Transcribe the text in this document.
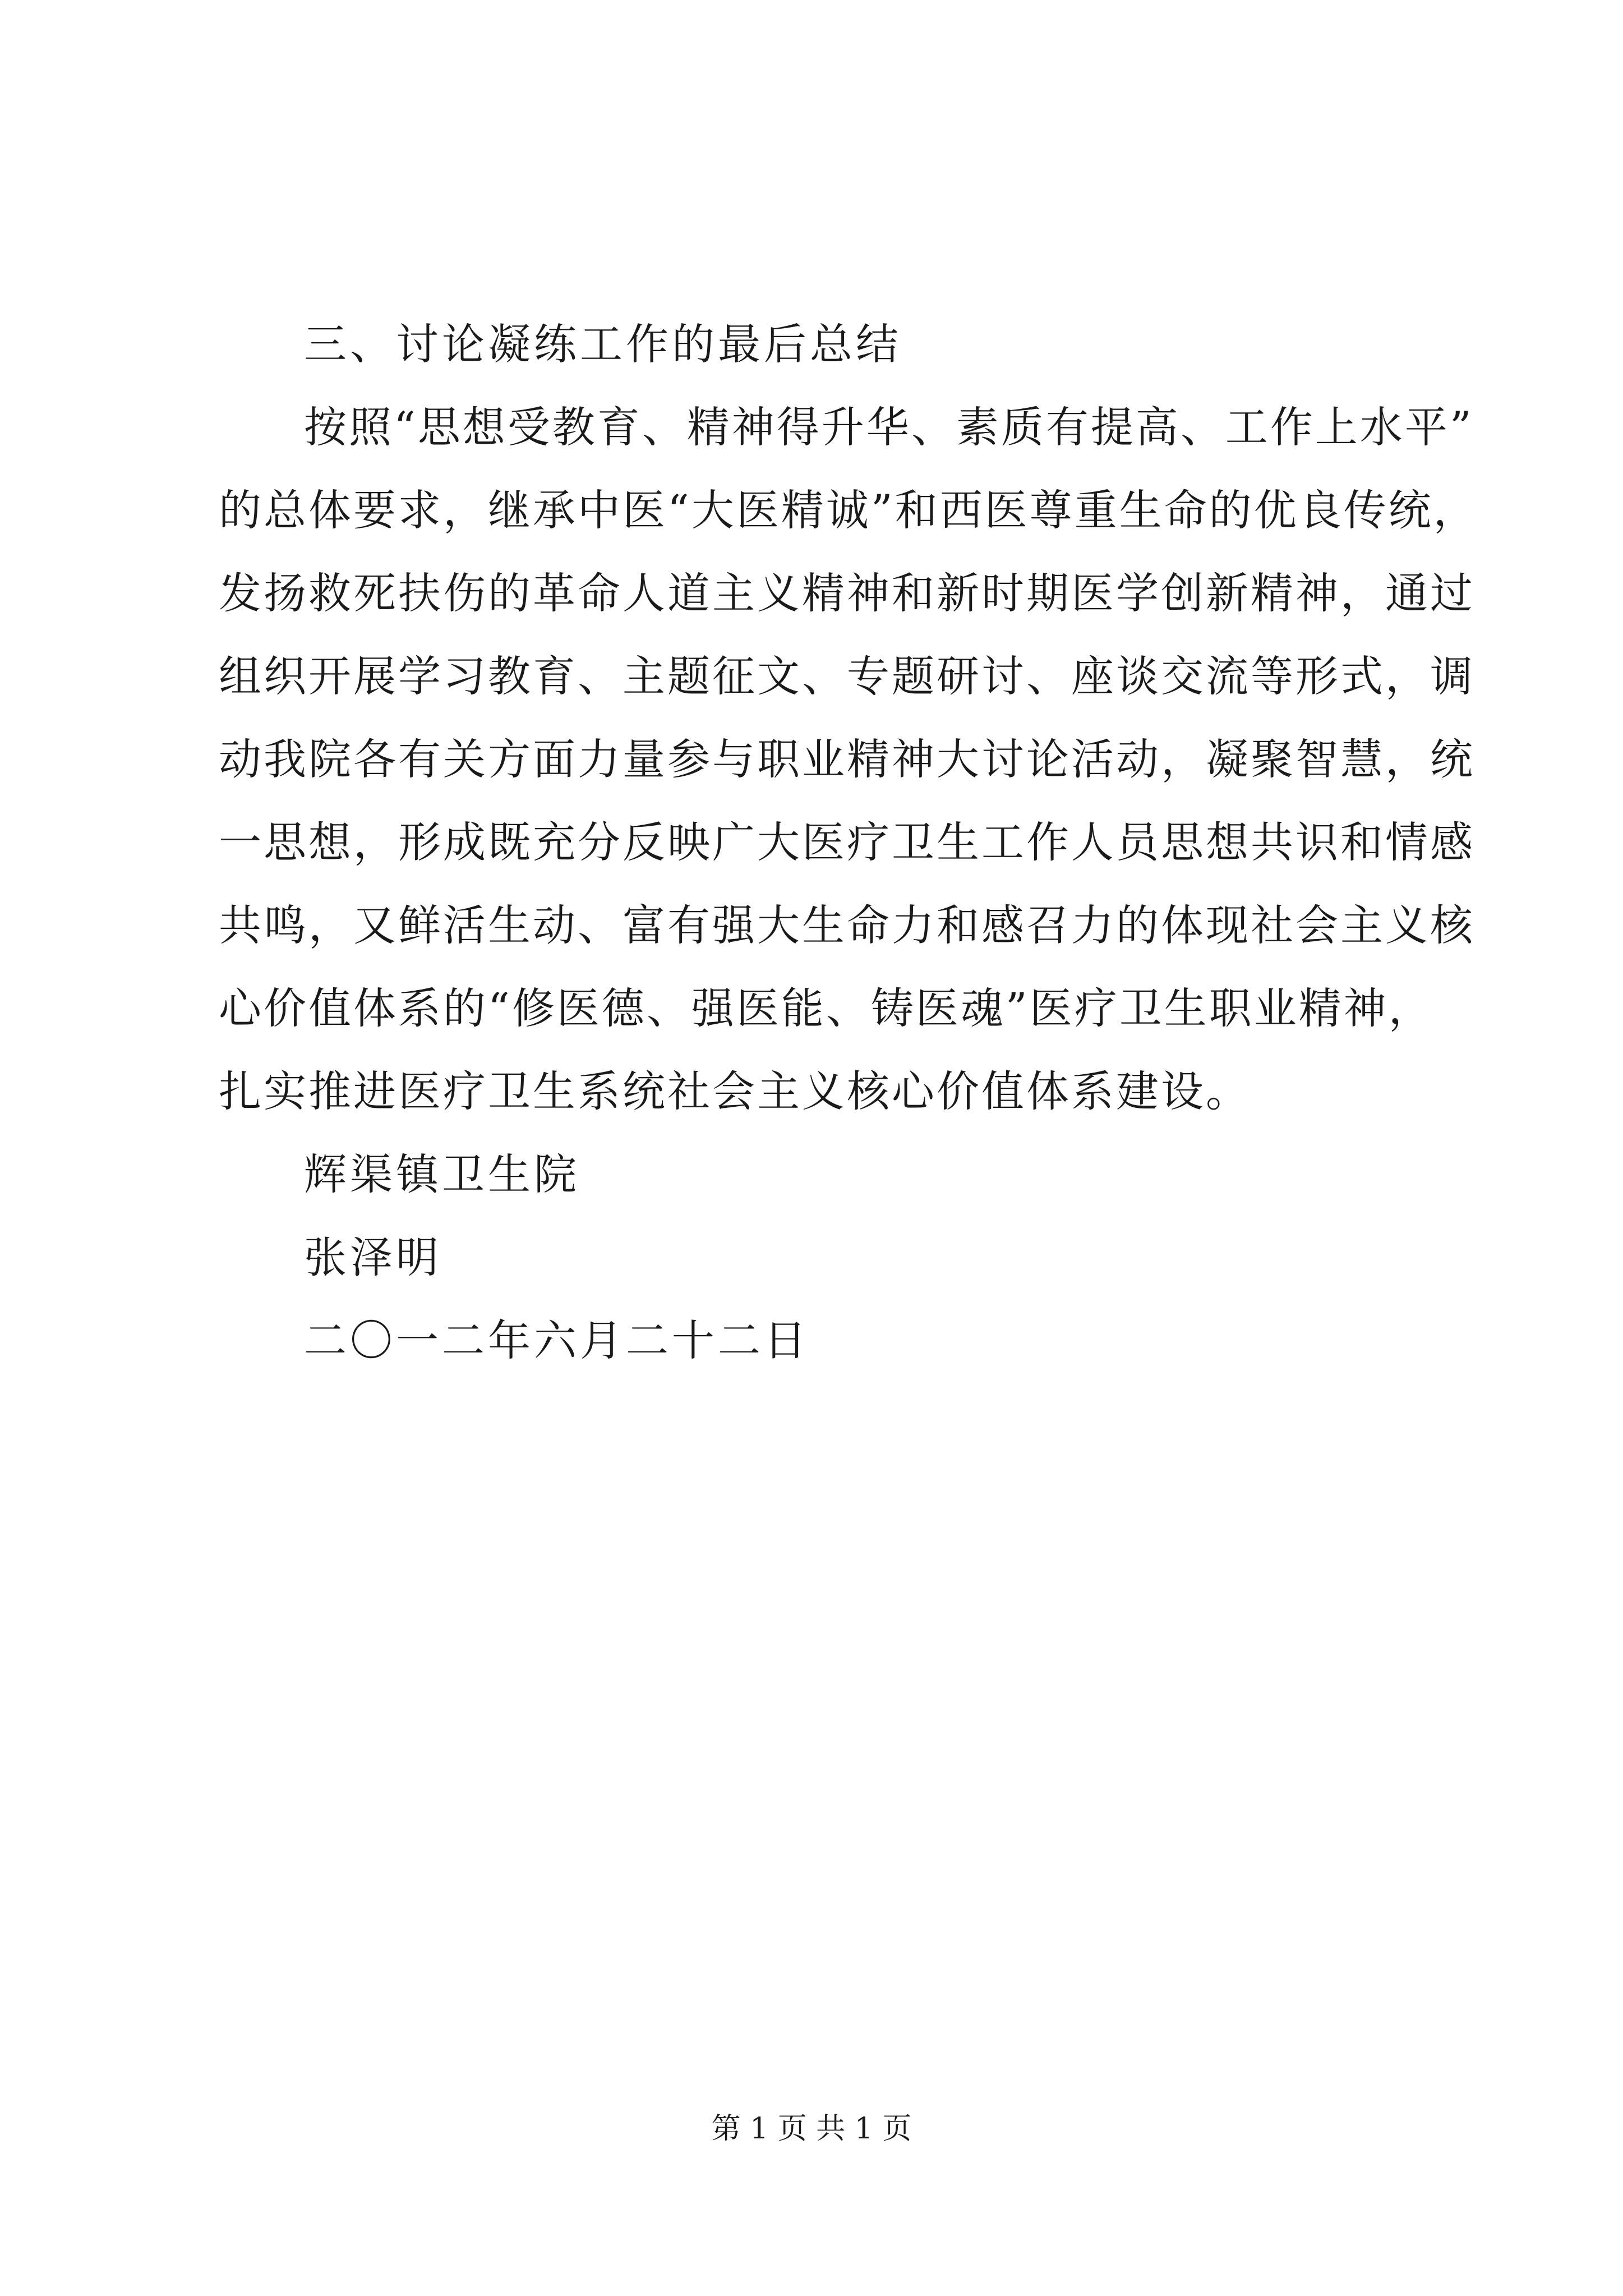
三、讨论凝练工作的最后总结
按照“思想受教育、精神得升华、素质有提高、工作上水平”
的总体要求，继承中医“大医精诚”和西医尊重生命的优良传统，
发扬救死扶伤的革命人道主义精神和新时期医学创新精神，通过
组织开展学习教育、主题征文、专题研讨、座谈交流等形式，调
动我院各有关方面力量参与职业精神大讨论活动，凝聚智慧，统
一思想，形成既充分反映广大医疗卫生工作人员思想共识和情感
共鸣，又鲜活生动、富有强大生命力和感召力的体现社会主义核
心价值体系的“修医德、强医能、铸医魂”医疗卫生职业精神，
扎实推进医疗卫生系统社会主义核心价值体系建设。
辉渠镇卫生院
张泽明
二〇一二年六月二十二日
第 1 页 共 1 页
